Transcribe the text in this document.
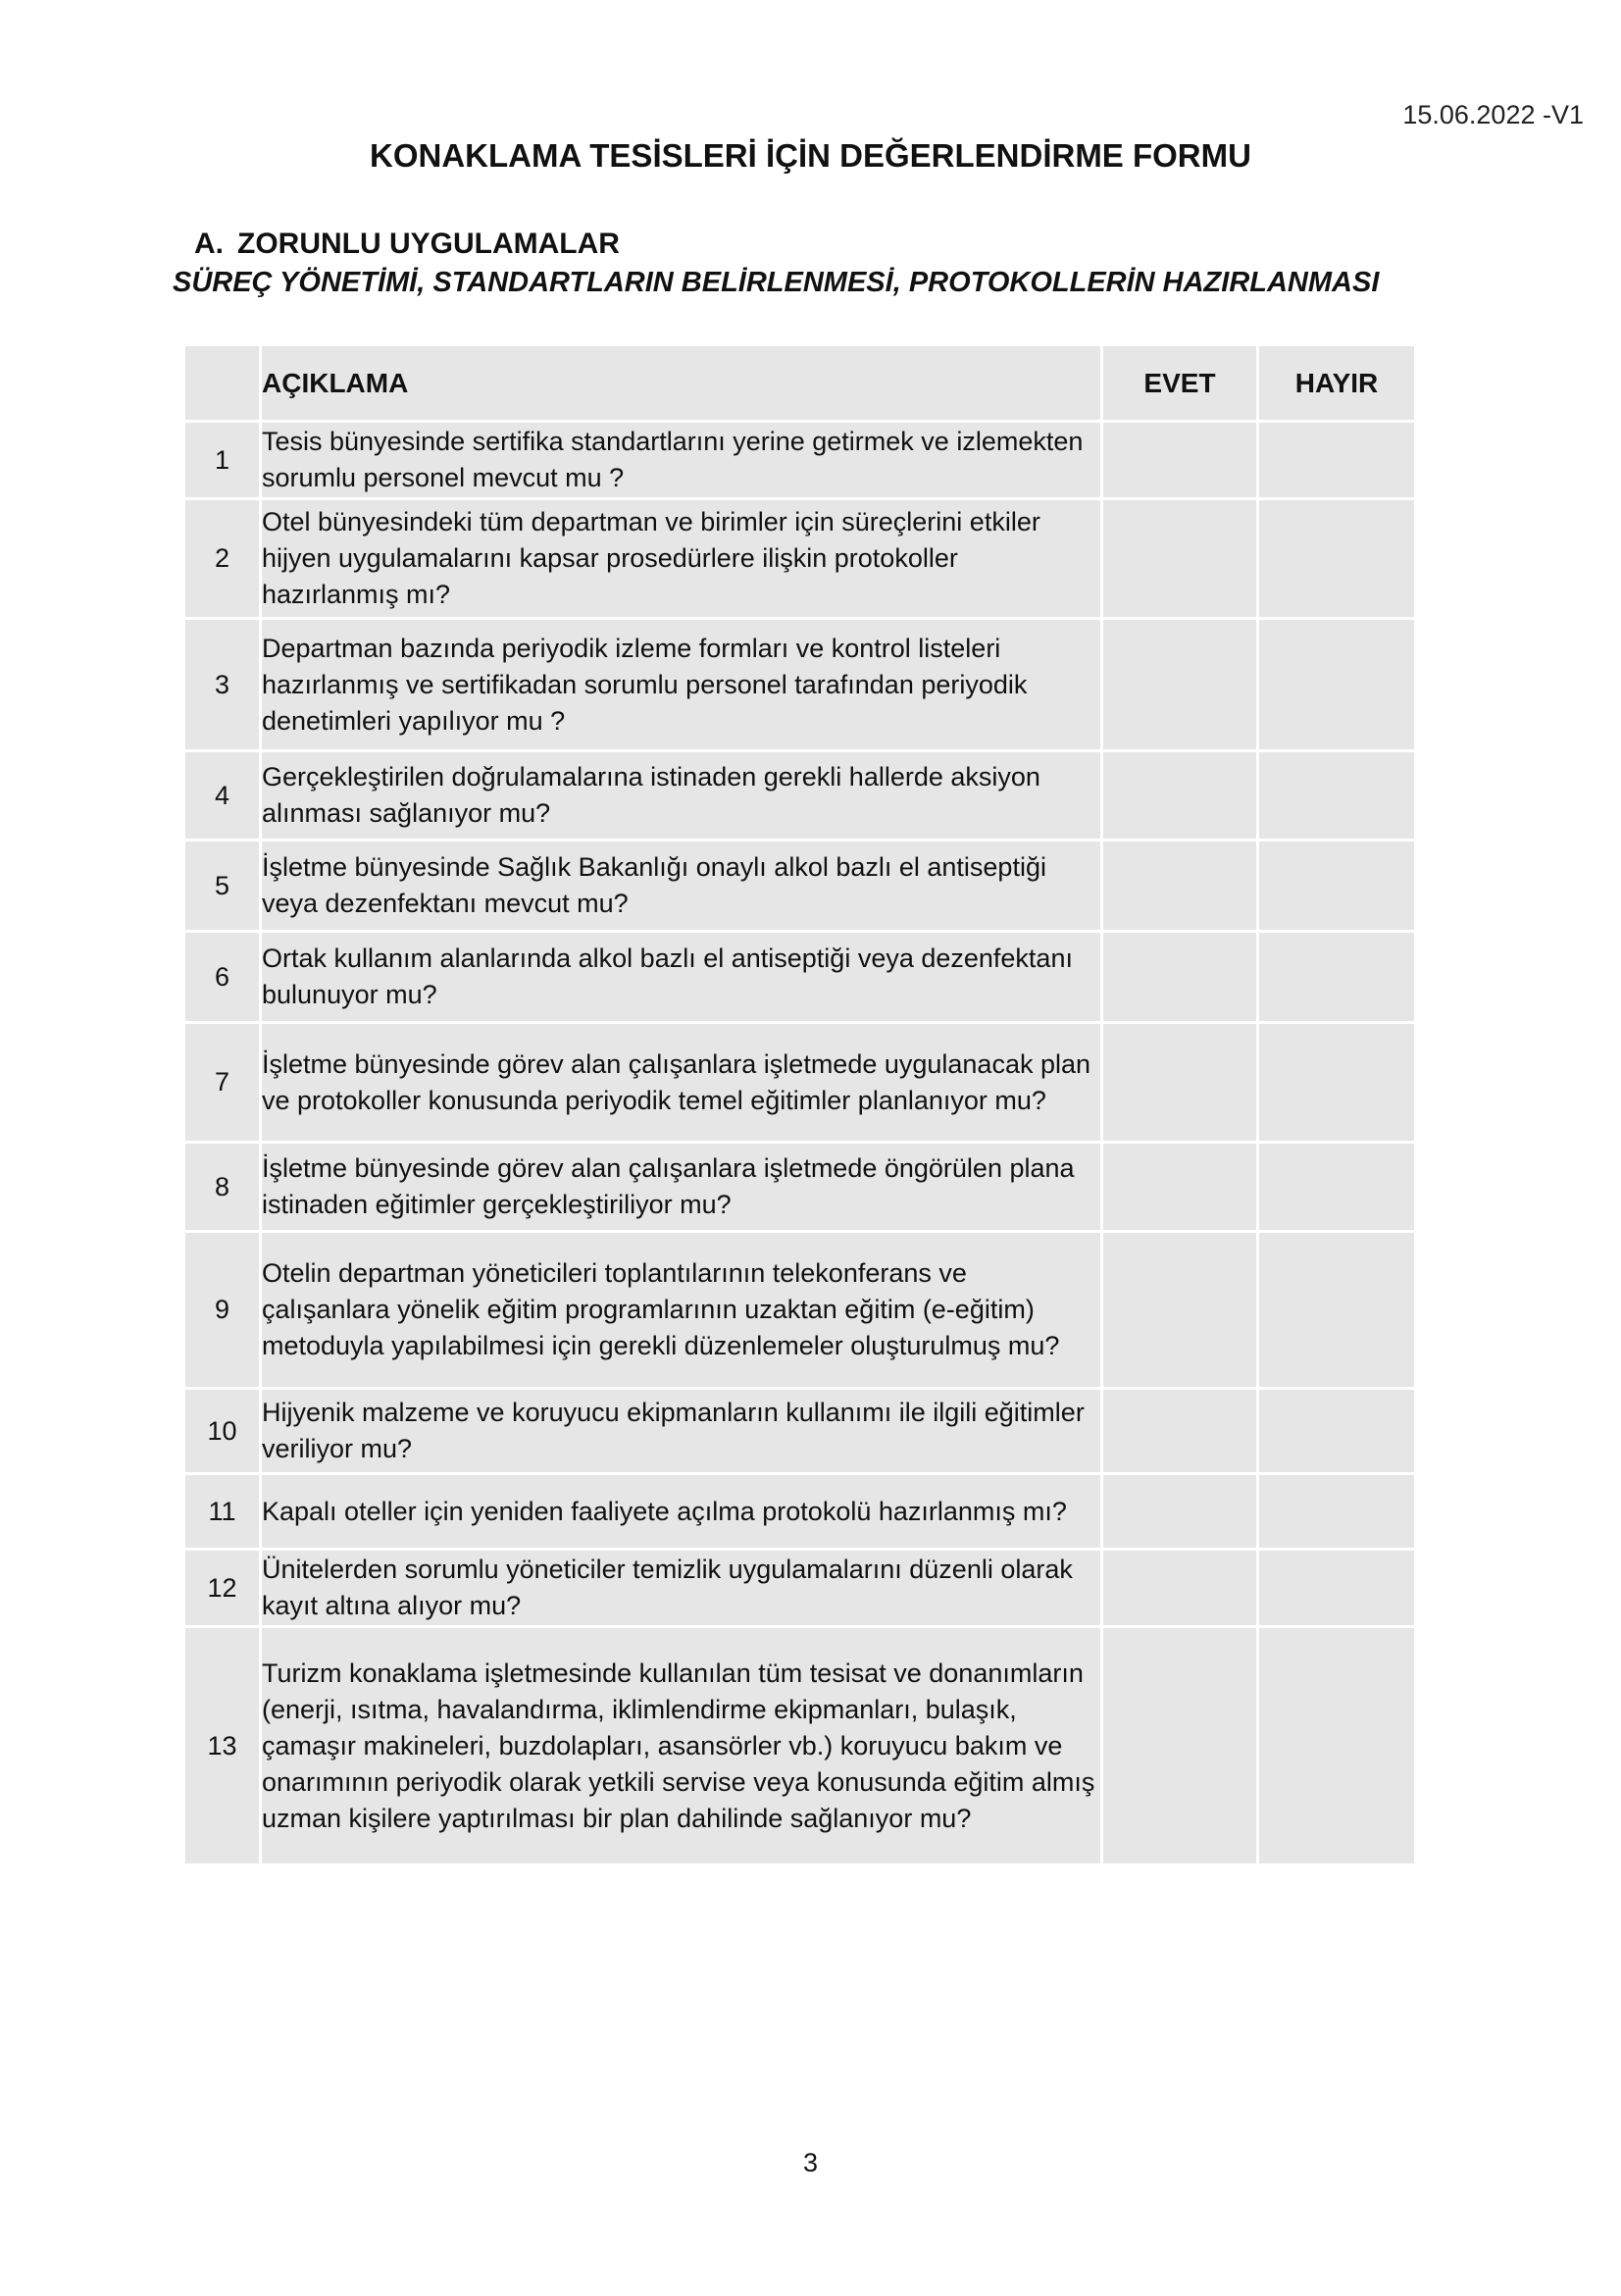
15.06.2022 -V1
KONAKLAMA TESİSLERİ İÇİN DEĞERLENDİRME FORMU
A. ZORUNLU UYGULAMALAR
SÜREÇ YÖNETİMİ, STANDARTLARIN BELİRLENMESİ, PROTOKOLLERİN HAZIRLANMASI
	AÇIKLAMA	EVET	HAYIR
1	Tesis bünyesinde sertifika standartlarını yerine getirmek ve izlemekten sorumlu personel mevcut mu ?		
2	Otel bünyesindeki tüm departman ve birimler için süreçlerini etkiler hijyen uygulamalarını kapsar prosedürlere ilişkin protokoller hazırlanmış mı?		
3	Departman bazında periyodik izleme formları ve kontrol listeleri hazırlanmış ve sertifikadan sorumlu personel tarafından periyodik denetimleri yapılıyor mu ?		
4	Gerçekleştirilen doğrulamalarına istinaden gerekli hallerde aksiyon alınması sağlanıyor mu?		
5	İşletme bünyesinde Sağlık Bakanlığı onaylı alkol bazlı el antiseptiği veya dezenfektanı mevcut mu?		
6	Ortak kullanım alanlarında alkol bazlı el antiseptiği veya dezenfektanı bulunuyor mu?		
7	İşletme bünyesinde görev alan çalışanlara işletmede uygulanacak plan ve protokoller konusunda periyodik temel eğitimler planlanıyor mu?		
8	İşletme bünyesinde görev alan çalışanlara işletmede öngörülen plana istinaden eğitimler gerçekleştiriliyor mu?		
9	Otelin departman yöneticileri toplantılarının telekonferans ve çalışanlara yönelik eğitim programlarının uzaktan eğitim (e-eğitim) metoduyla yapılabilmesi için gerekli düzenlemeler oluşturulmuş mu?		
10	Hijyenik malzeme ve koruyucu ekipmanların kullanımı ile ilgili eğitimler veriliyor mu?		
11	Kapalı oteller için yeniden faaliyete açılma protokolü hazırlanmış mı?		
12	Ünitelerden sorumlu yöneticiler temizlik uygulamalarını düzenli olarak kayıt altına alıyor mu?		
13	Turizm konaklama işletmesinde kullanılan tüm tesisat ve donanımların (enerji, ısıtma, havalandırma, iklimlendirme ekipmanları, bulaşık, çamaşır makineleri, buzdolapları, asansörler vb.) koruyucu bakım ve onarımının periyodik olarak yetkili servise veya konusunda eğitim almış uzman kişilere yaptırılması bir plan dahilinde sağlanıyor mu?		
3
